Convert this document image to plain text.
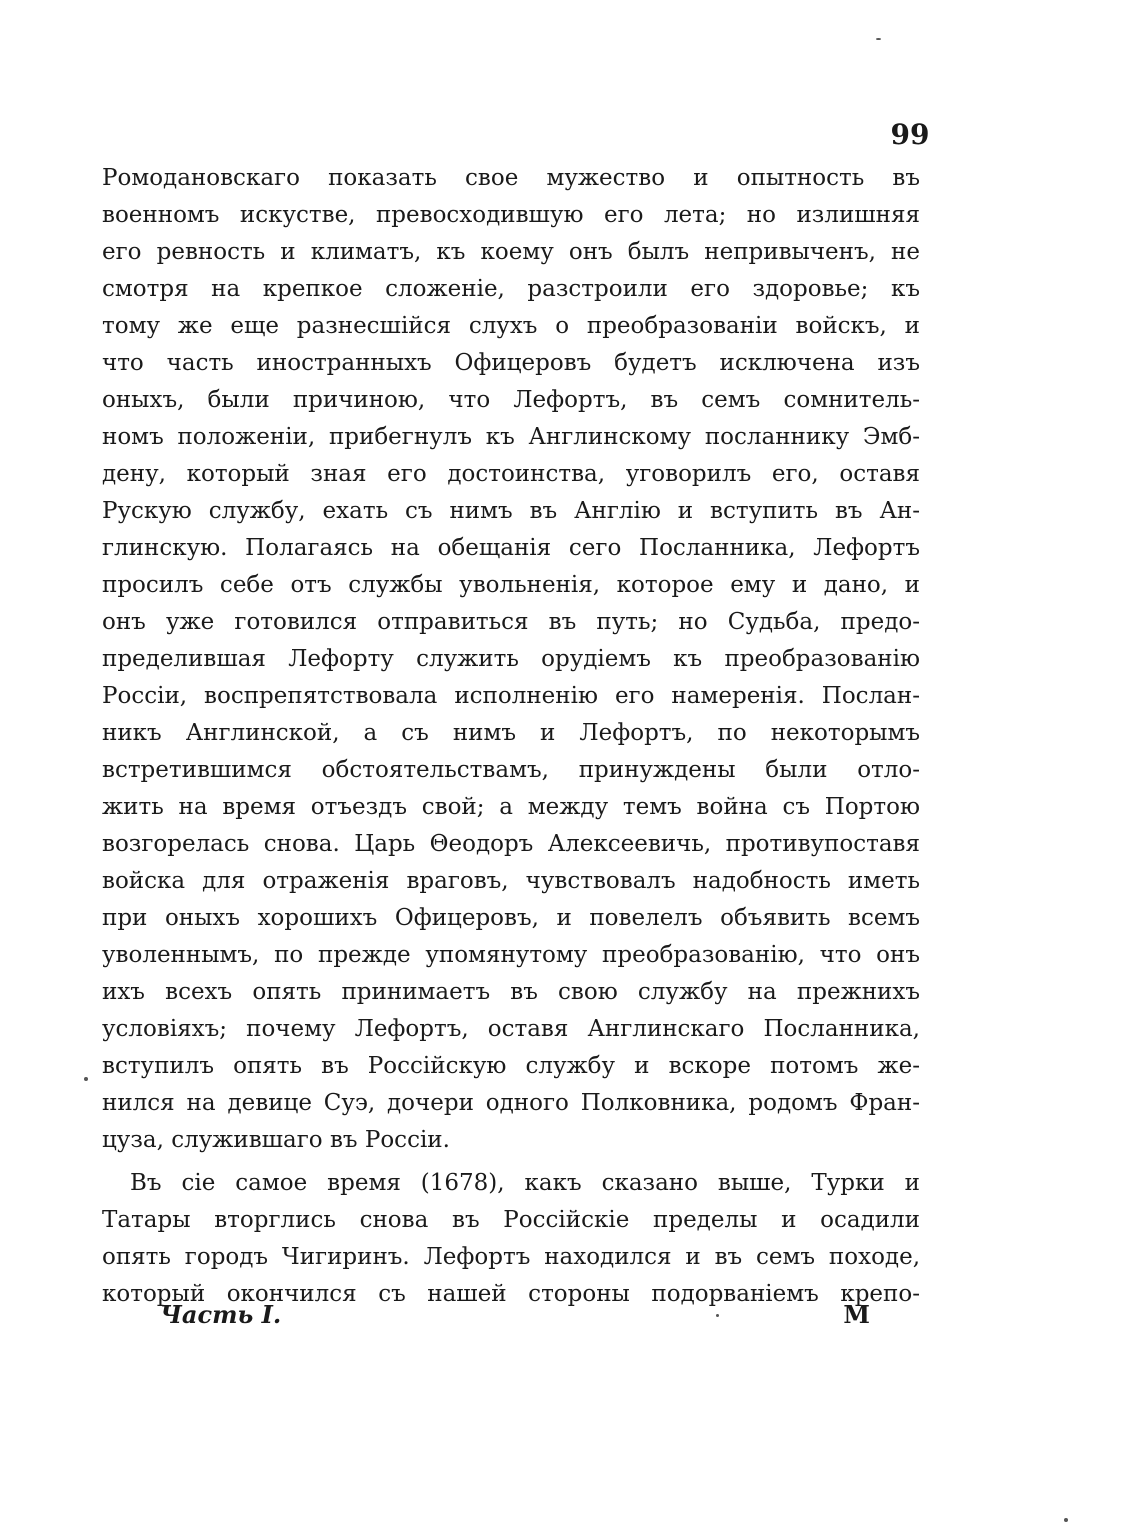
99
Ромодановскаго показать свое мужество и опытность въ
военномъ искустве, превосходившую его лета; но излишняя
его ревность и климатъ, къ коему онъ былъ непривыченъ, не
смотря на крепкое сложеніе, разстроили его здоровье; къ
тому же еще разнесшійся слухъ о преобразованіи войскъ, и
что часть иностранныхъ Офицеровъ будетъ исключена изъ
оныхъ, были причиною, что Лефортъ, въ семъ сомнитель-
номъ положеніи, прибегнулъ къ Англинскому посланнику Эмб-
дену, который зная его достоинства, уговорилъ его, оставя
Рускую службу, ехать съ нимъ въ Англію и вступить въ Ан-
глинскую. Полагаясь на обещанія сего Посланника, Лефортъ
просилъ себе отъ службы увольненія, которое ему и дано, и
онъ уже готовился отправиться въ путь; но Судьба, предо-
пределившая Лефорту служить орудіемъ къ преобразованію
Россіи, воспрепятствовала исполненію его намеренія. Послан-
никъ Англинской, а съ нимъ и Лефортъ, по некоторымъ
встретившимся обстоятельствамъ, принуждены были отло-
жить на время отъездъ свой; а между темъ война съ Портою
возгорелась снова. Царь Θеодоръ Алексеевичь, противупоставя
войска для отраженія враговъ, чувствовалъ надобность иметь
при оныхъ хорошихъ Офицеровъ, и повелелъ объявить всемъ
уволеннымъ, по прежде упомянутому преобразованію, что онъ
ихъ всехъ опять принимаетъ въ свою службу на прежнихъ
условіяхъ; почему Лефортъ, оставя Англинскаго Посланника,
вступилъ опять въ Россійскую службу и вскоре потомъ же-
нился на девице Суэ, дочери одного Полковника, родомъ Фран-
цуза, служившаго въ Россіи.
Въ сіе самое время (1678), какъ сказано выше, Турки и
Татары вторглись снова въ Россійскіе пределы и осадили
опять городъ Чигиринъ. Лефортъ находился и въ семъ походе,
который окончился съ нашей стороны подорваніемъ крепо-
Часть I.	M
